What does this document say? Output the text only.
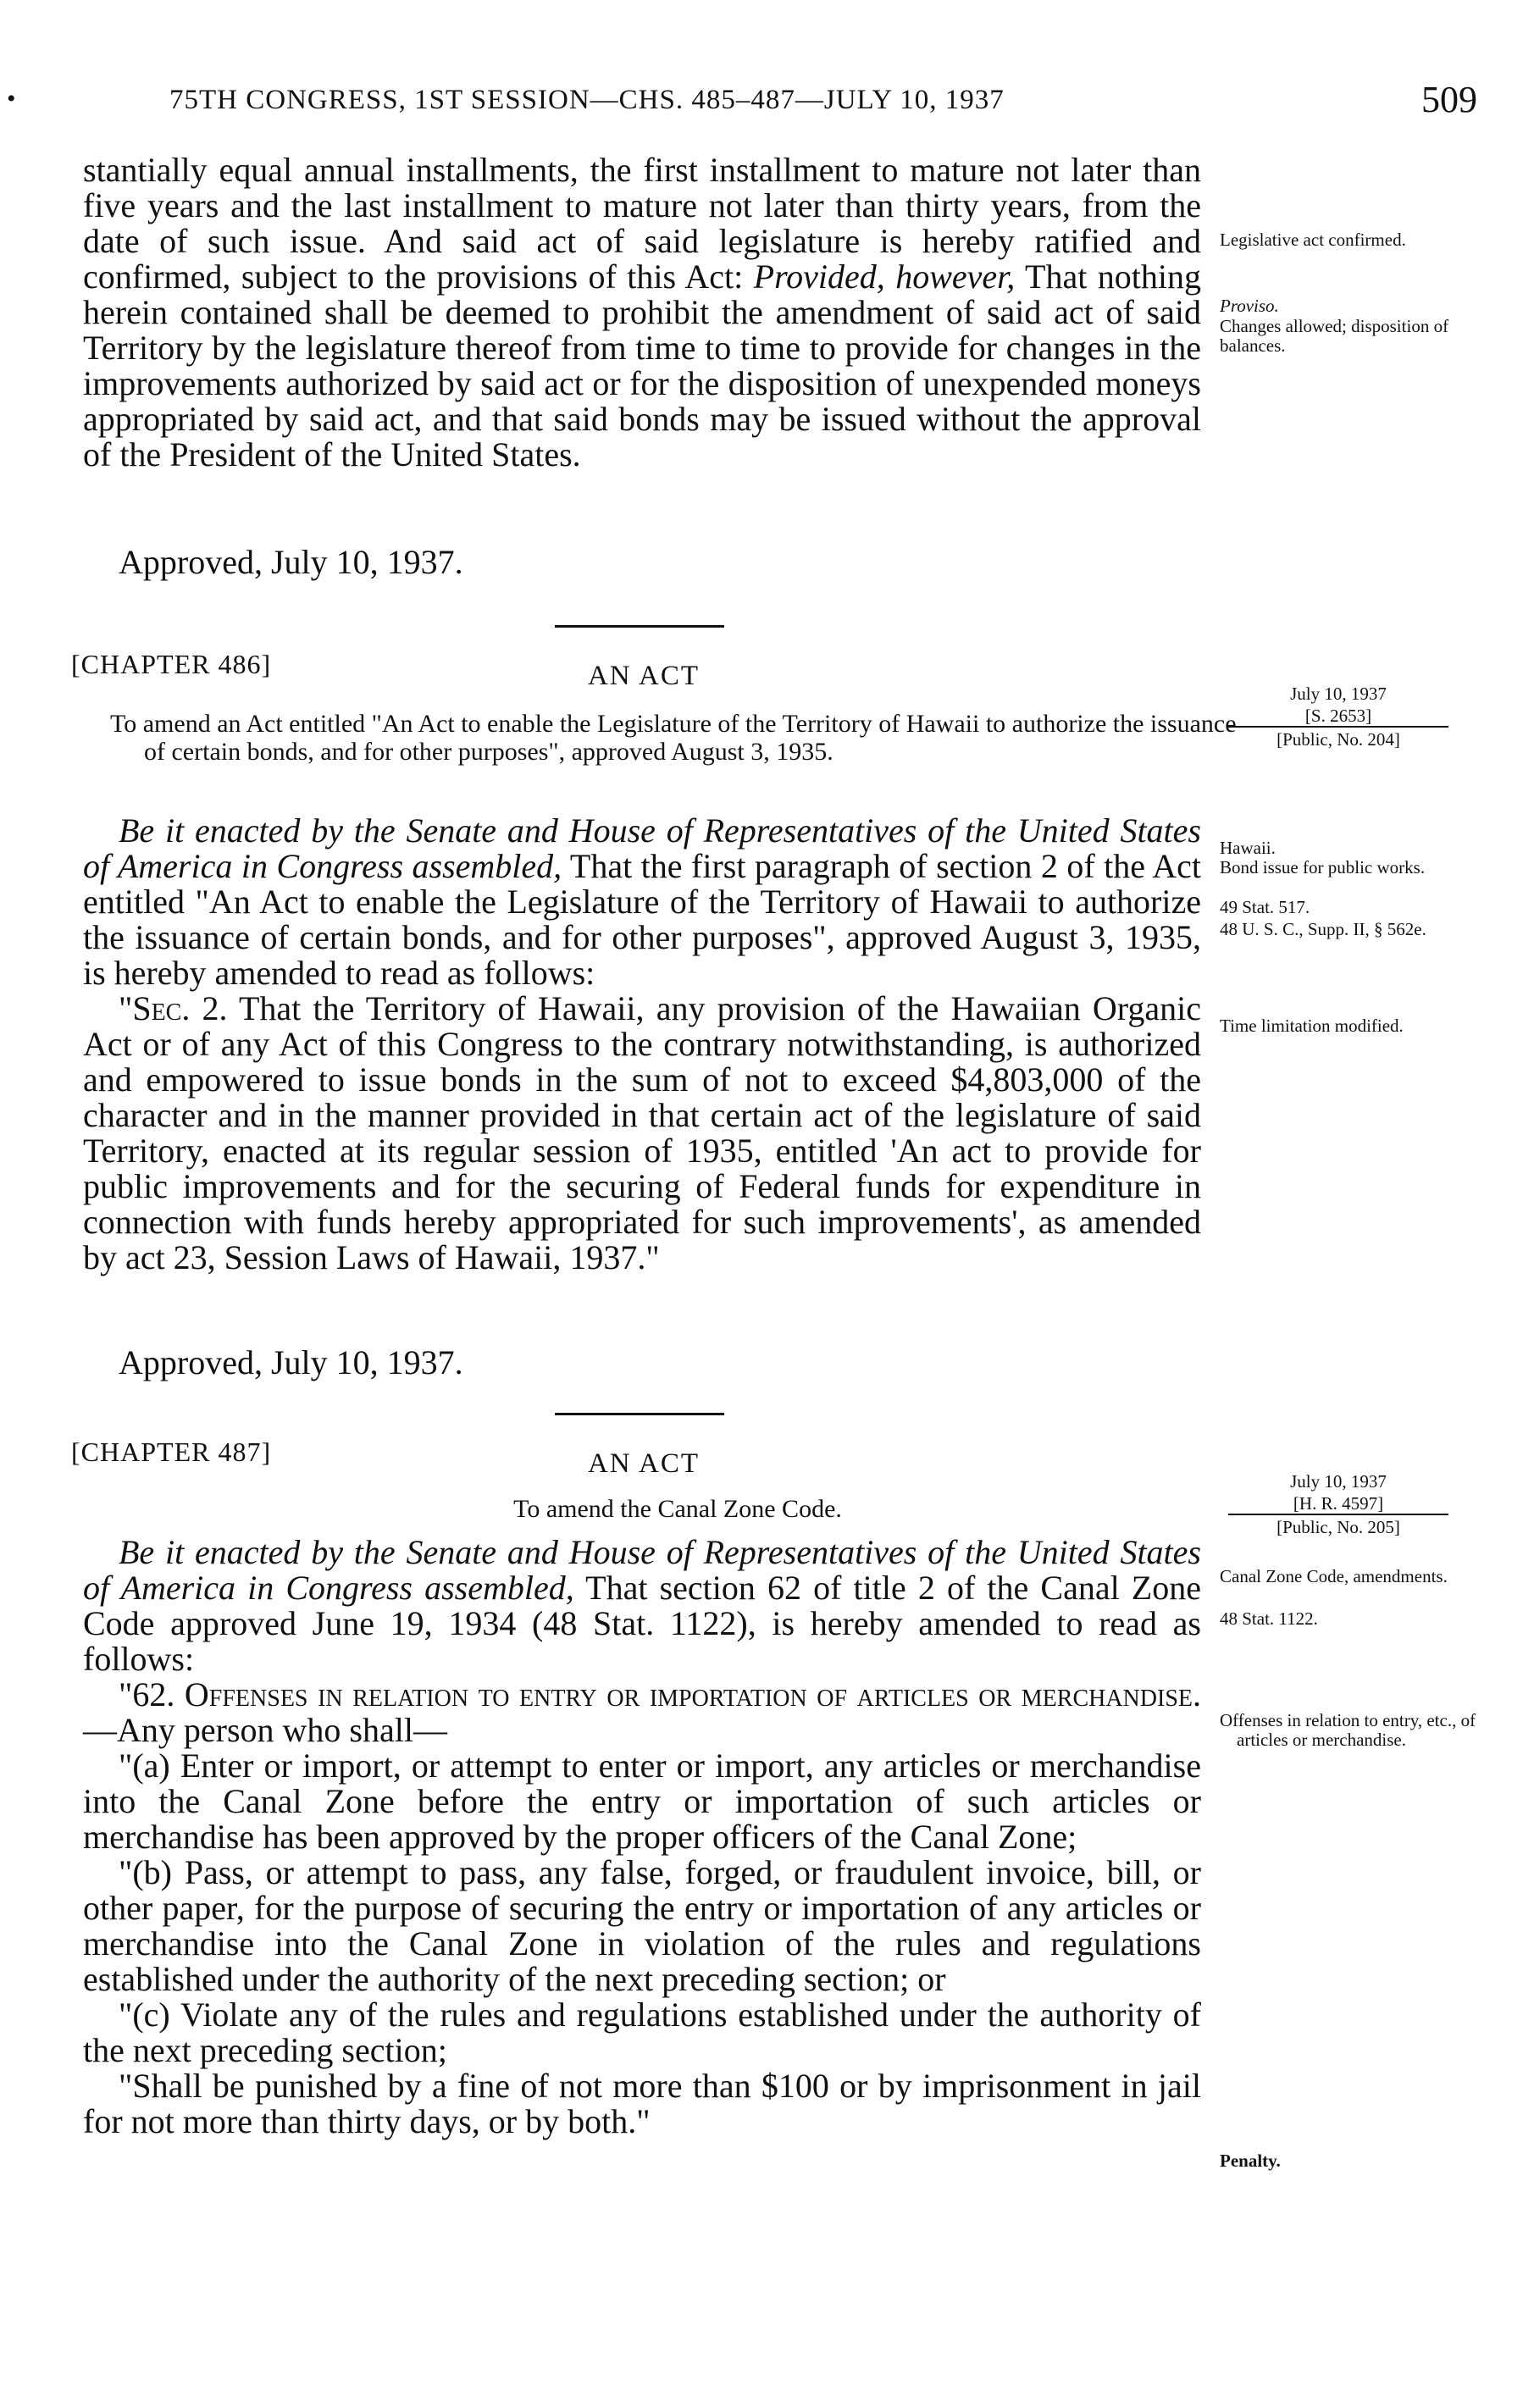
•	75TH CONGRESS, 1ST SESSION—CHS. 485–487—JULY 10, 1937	509

stantially equal annual installments, the first installment to mature not later than five years and the last installment to mature not later than thirty years, from the date of such issue. And said act of said legislature is hereby ratified and confirmed, subject to the provisions of this Act: Provided, however, That nothing herein contained shall be deemed to prohibit the amendment of said act of said Territory by the legislature thereof from time to time to provide for changes in the improvements authorized by said act or for the disposition of unexpended moneys appropriated by said act, and that said bonds may be issued without the approval of the President of the United States.

Approved, July 10, 1937.
Legislative act confirmed.
Proviso.
Changes allowed; disposition of balances.
[CHAPTER 486]	AN ACT
To amend an Act entitled "An Act to enable the Legislature of the Territory of Hawaii to authorize the issuance of certain bonds, and for other purposes", approved August 3, 1935.
July 10, 1937
[S. 2653]
[Public, No. 204]

Be it enacted by the Senate and House of Representatives of the United States of America in Congress assembled, That the first paragraph of section 2 of the Act entitled "An Act to enable the Legislature of the Territory of Hawaii to authorize the issuance of certain bonds, and for other purposes", approved August 3, 1935, is hereby amended to read as follows:

"Sec. 2. That the Territory of Hawaii, any provision of the Hawaiian Organic Act or of any Act of this Congress to the contrary notwithstanding, is authorized and empowered to issue bonds in the sum of not to exceed $4,803,000 of the character and in the manner provided in that certain act of the legislature of said Territory, enacted at its regular session of 1935, entitled 'An act to provide for public improvements and for the securing of Federal funds for expenditure in connection with funds hereby appropriated for such improvements', as amended by act 23, Session Laws of Hawaii, 1937."

Approved, July 10, 1937.
Hawaii.
Bond issue for public works.
49 Stat. 517.
48 U. S. C., Supp. II, § 562e.
Time limitation modified.
[CHAPTER 487]	AN ACT
To amend the Canal Zone Code.
July 10, 1937
[H. R. 4597]
[Public, No. 205]

Be it enacted by the Senate and House of Representatives of the United States of America in Congress assembled, That section 62 of title 2 of the Canal Zone Code approved June 19, 1934 (48 Stat. 1122), is hereby amended to read as follows:

"62. Offenses in relation to entry or importation of articles or merchandise.—Any person who shall—

"(a) Enter or import, or attempt to enter or import, any articles or merchandise into the Canal Zone before the entry or importation of such articles or merchandise has been approved by the proper officers of the Canal Zone;

"(b) Pass, or attempt to pass, any false, forged, or fraudulent invoice, bill, or other paper, for the purpose of securing the entry or importation of any articles or merchandise into the Canal Zone in violation of the rules and regulations established under the authority of the next preceding section; or

"(c) Violate any of the rules and regulations established under the authority of the next preceding section;

"Shall be punished by a fine of not more than $100 or by imprisonment in jail for not more than thirty days, or by both."

Canal Zone Code, amendments.
48 Stat. 1122.
Offenses in relation to entry, etc., of articles or merchandise.
Penalty.
